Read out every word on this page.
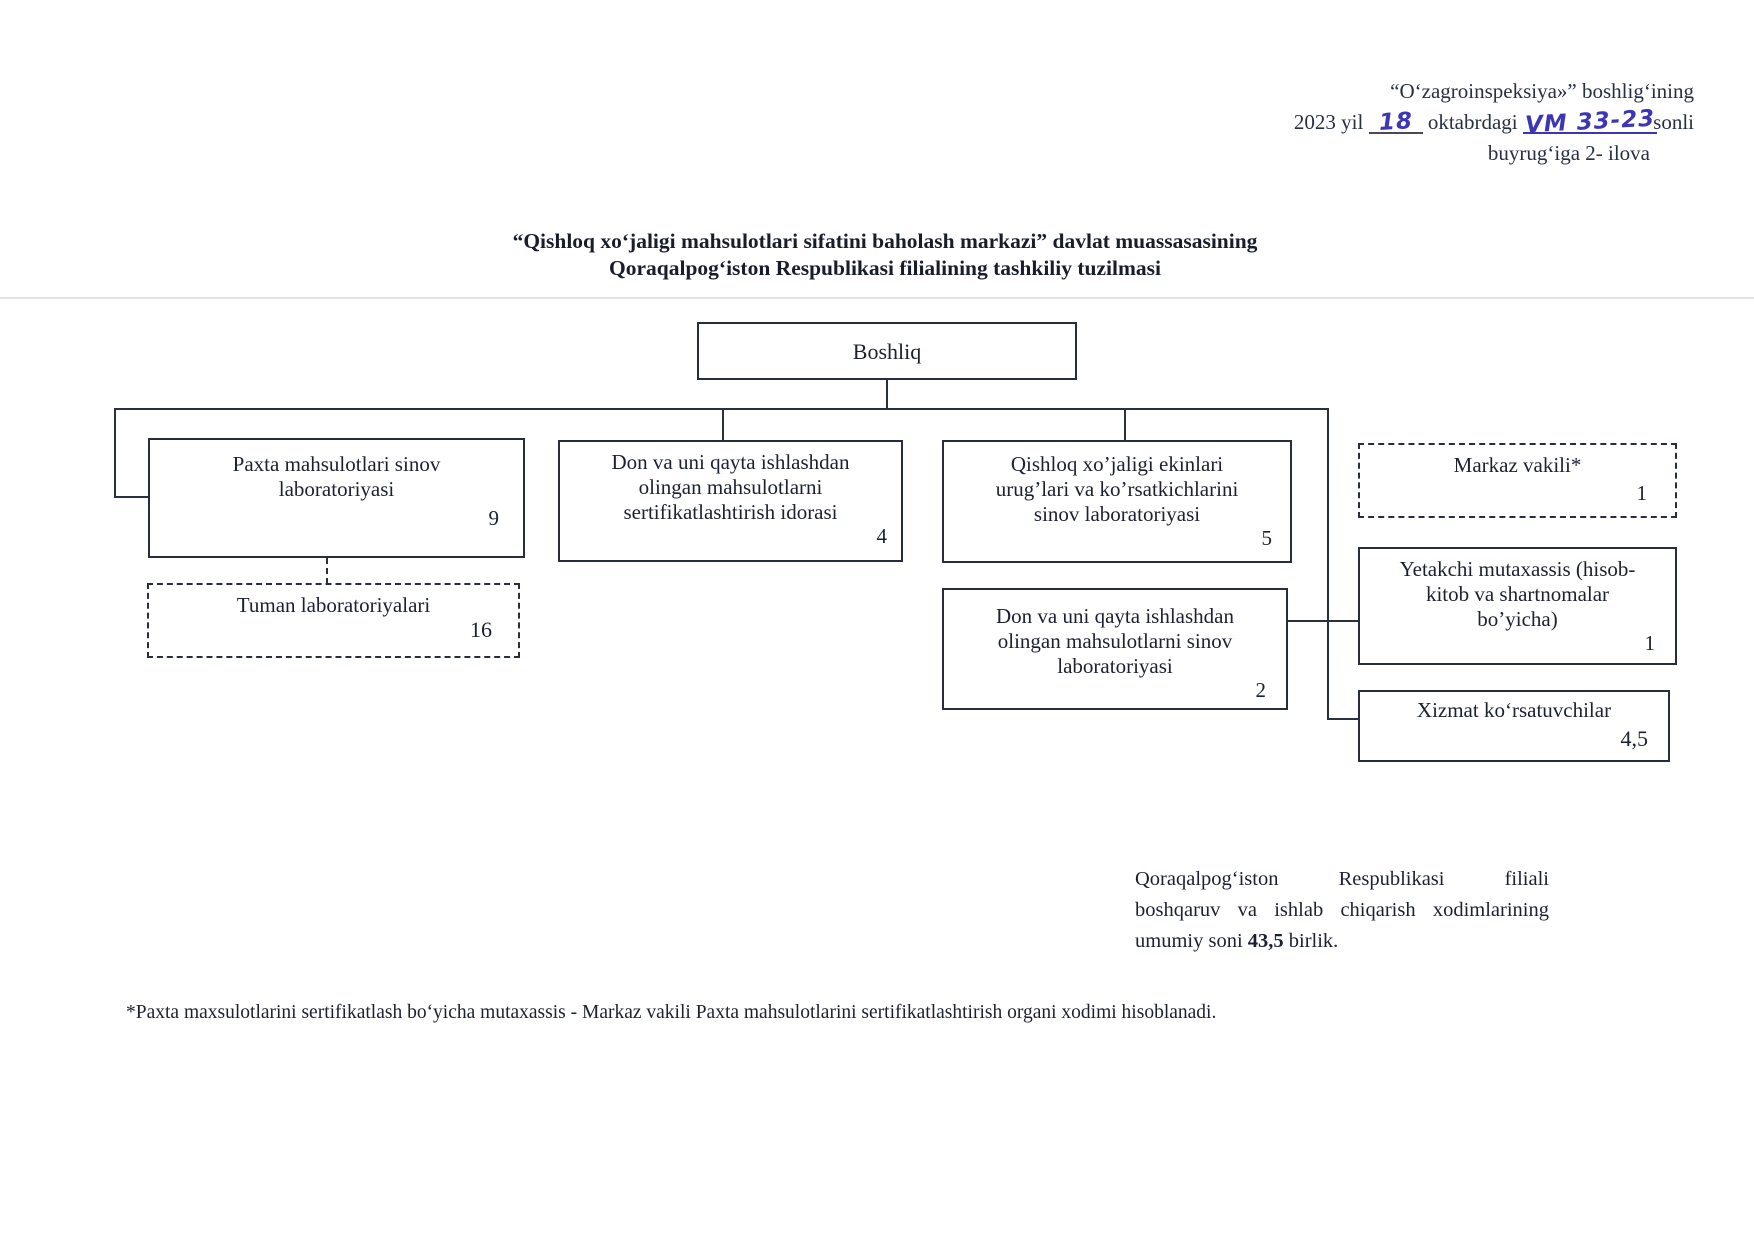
“O‘zagroinspeksiya»” boshlig‘ining
2023 yil 18 oktabrdagi VM 33-23sonli
buyrug‘iga 2- ilova
“Qishloq xo‘jaligi mahsulotlari sifatini baholash markazi” davlat muassasasining
Qoraqalpog‘iston Respublikasi filialining tashkiliy tuzilmasi
Boshliq
Paxta mahsulotlari sinov
laboratoriyasi
9
Tuman laboratoriyalari
16
Don va uni qayta ishlashdan
olingan mahsulotlarni
sertifikatlashtirish idorasi
4
Qishloq xo’jaligi ekinlari
urug’lari va ko’rsatkichlarini
sinov laboratoriyasi
5
Don va uni qayta ishlashdan
olingan mahsulotlarni sinov
laboratoriyasi
2
Markaz vakili*
1
Yetakchi mutaxassis (hisob-
kitob va shartnomalar
bo’yicha)
1
Xizmat ko‘rsatuvchilar
4,5
Qoraqalpog‘iston Respublikasi filiali
boshqaruv va ishlab chiqarish xodimlarining
umumiy soni 43,5 birlik.
*Paxta maxsulotlarini sertifikatlash bo‘yicha mutaxassis - Markaz vakili Paxta mahsulotlarini sertifikatlashtirish organi xodimi hisoblanadi.
